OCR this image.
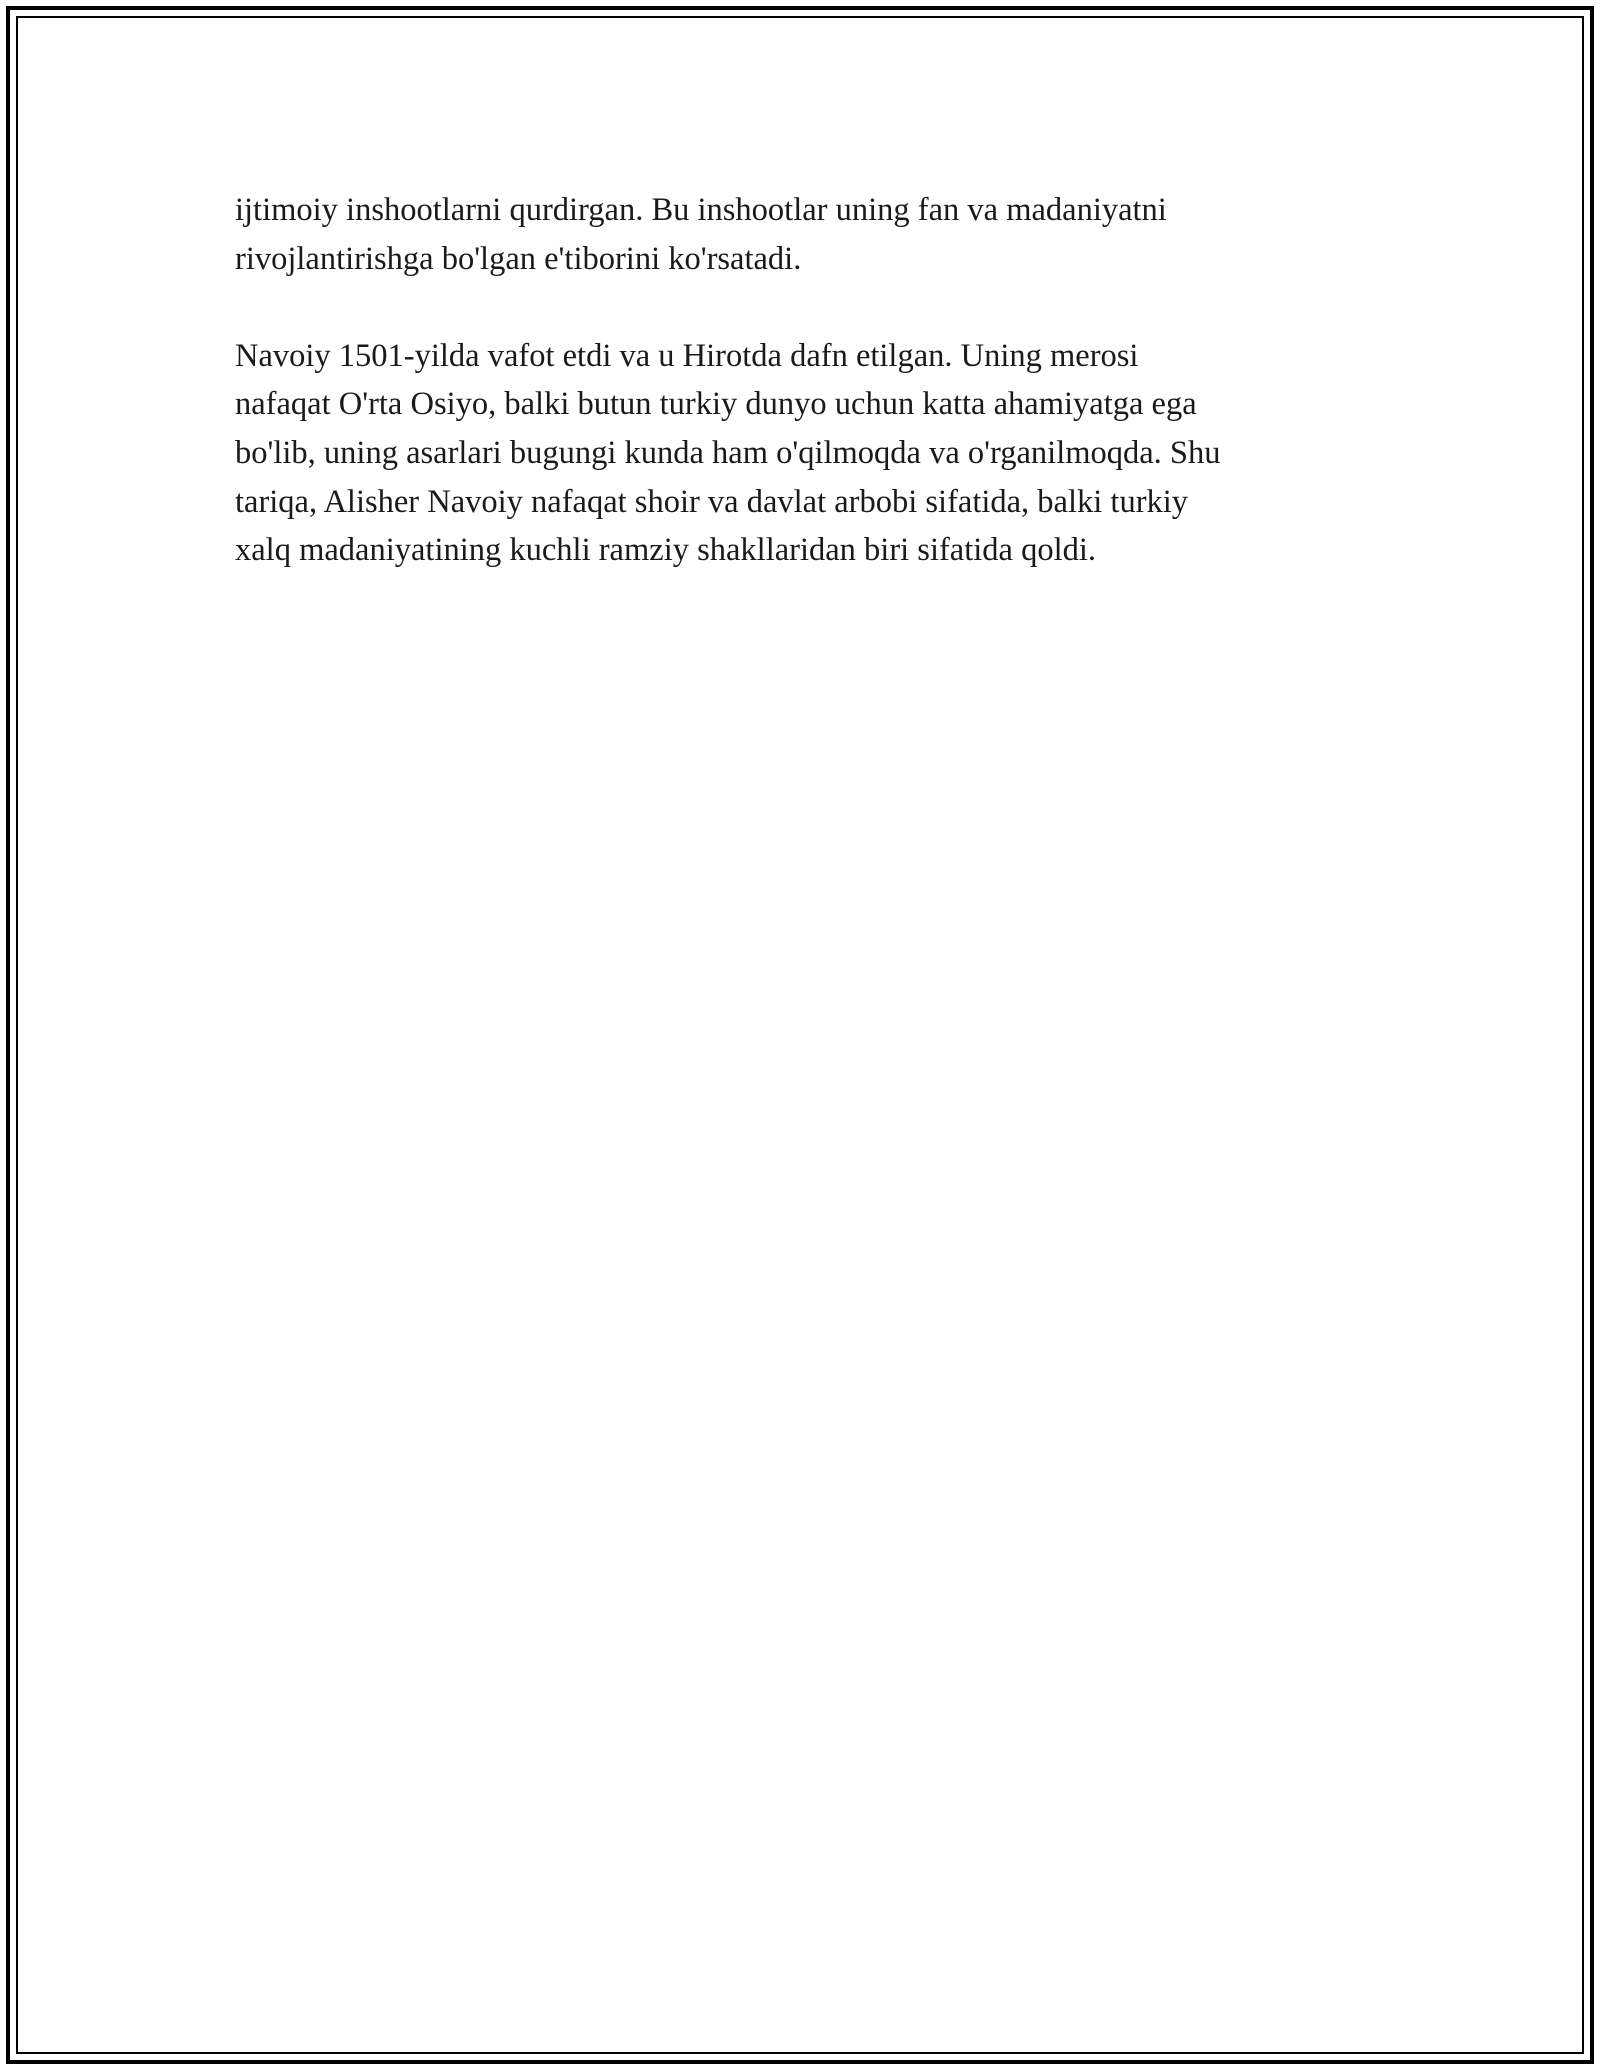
ijtimoiy inshootlarni qurdirgan. Bu inshootlar uning fan va madaniyatni
rivojlantirishga bo'lgan e'tiborini ko'rsatadi.

Navoiy 1501-yilda vafot etdi va u Hirotda dafn etilgan. Uning merosi
nafaqat O'rta Osiyo, balki butun turkiy dunyo uchun katta ahamiyatga ega
bo'lib, uning asarlari bugungi kunda ham o'qilmoqda va o'rganilmoqda. Shu
tariqa, Alisher Navoiy nafaqat shoir va davlat arbobi sifatida, balki turkiy
xalq madaniyatining kuchli ramziy shakllaridan biri sifatida qoldi.
